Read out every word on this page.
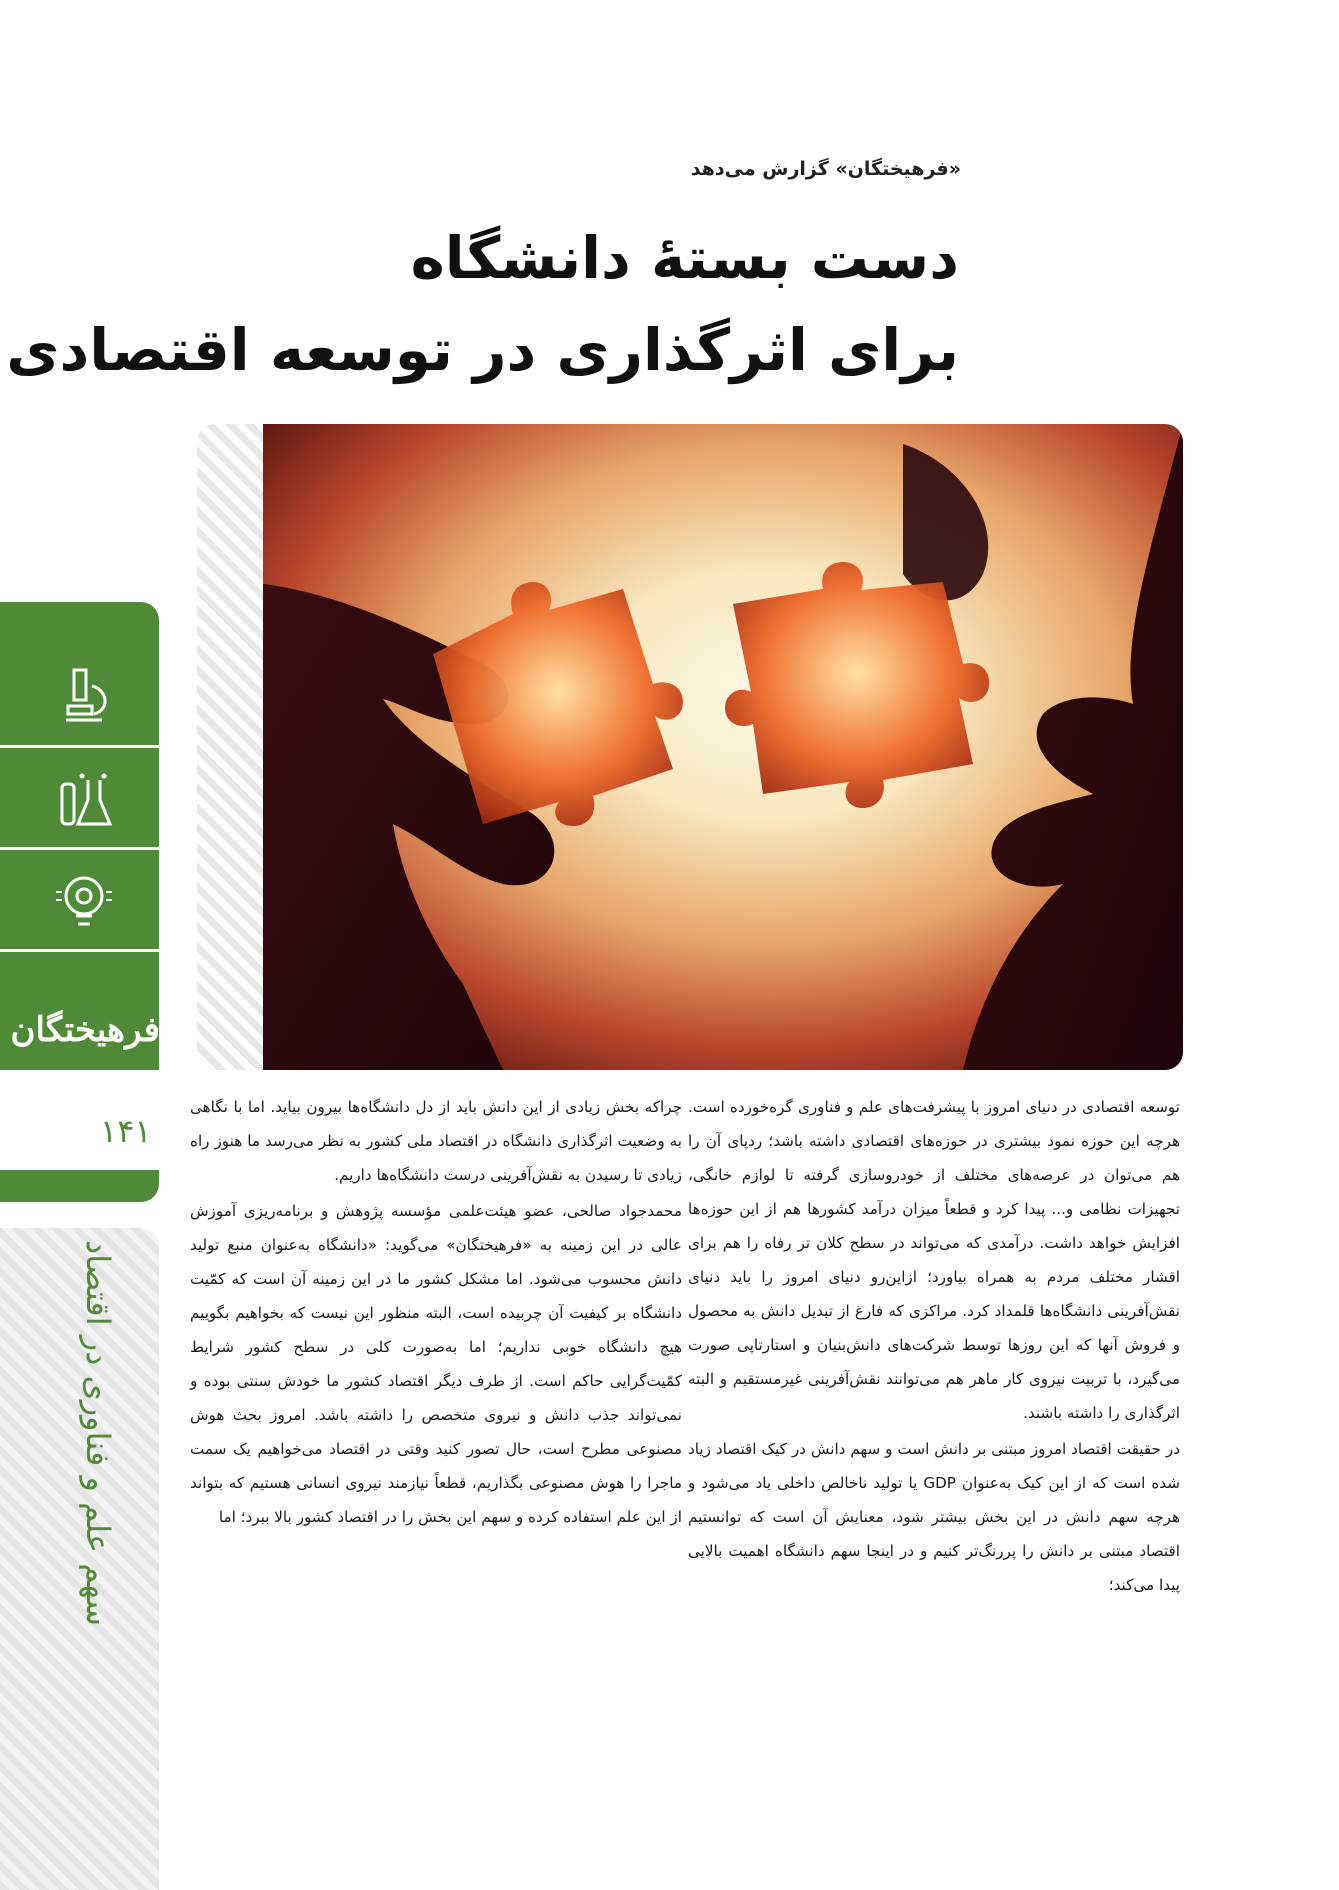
«فرهیختگان» گزارش می‌دهد
دست بستۀ دانشگاه
برای اثرگذاری در توسعه اقتصادی
فرهیختگان
۱۴۱
سهم علم و فناوری در اقتصاد

توسعه اقتصادی در دنیای امروز با پیشرفت‌های علم و فناوری گره‌خورده است. هرچه این حوزه نمود بیشتری در حوزه‌های اقتصادی داشته باشد؛ ردپای آن را هم می‌توان در عرصه‌های مختلف از خودروسازی گرفته تا لوازم خانگی، تجهیزات نظامی و... پیدا کرد و قطعاً میزان درآمد کشورها هم از این حوزه‌ها افزایش خواهد داشت. درآمدی که می‌تواند در سطح کلان تر رفاه را هم برای اقشار مختلف مردم به همراه بیاورد؛ ازاین‌رو دنیای امروز را باید دنیای نقش‌آفرینی دانشگاه‌ها قلمداد کرد. مراکزی که فارغ از تبدیل دانش به محصول و فروش آنها که این روزها توسط شرکت‌های دانش‌بنیان و استارتاپی صورت می‌گیرد، با تربیت نیروی کار ماهر هم می‌توانند نقش‌آفرینی غیرمستقیم و البته اثرگذاری را داشته باشند.

در حقیقت اقتصاد امروز مبتنی بر دانش است و سهم دانش در کیک اقتصاد زیاد شده است که از این کیک به‌عنوان GDP یا تولید ناخالص داخلی یاد می‌شود و هرچه سهم دانش در این بخش بیشتر شود، معنایش آن است که توانستیم اقتصاد مبتنی بر دانش را پررنگ‌تر کنیم و در اینجا سهم دانشگاه اهمیت بالایی پیدا می‌کند؛

چراکه بخش زیادی از این دانش باید از دل دانشگاه‌ها بیرون بیاید. اما با نگاهی به وضعیت اثرگذاری دانشگاه در اقتصاد ملی کشور به نظر می‌رسد ما هنوز راه زیادی تا رسیدن به نقش‌آفرینی درست دانشگاه‌ها داریم.

محمدجواد صالحی، عضو هیئت‌علمی مؤسسه پژوهش و برنامه‌ریزی آموزش عالی در این زمینه به «فرهیختگان» می‌گوید: «دانشگاه به‌عنوان منبع تولید دانش محسوب می‌شود. اما مشکل کشور ما در این زمینه آن است که کمّیت دانشگاه بر کیفیت آن چربیده است، البته منظور این نیست که بخواهیم بگوییم هیچ دانشگاه خوبی نداریم؛ اما به‌صورت کلی در سطح کشور شرایط کمّیت‌گرایی حاکم است. از طرف دیگر اقتصاد کشور ما خودش سنتی بوده و نمی‌تواند جذب دانش و نیروی متخصص را داشته باشد. امروز بحث هوش مصنوعی مطرح است، حال تصور کنید وقتی در اقتصاد می‌خواهیم یک سمت ماجرا را هوش مصنوعی بگذاریم، قطعاً نیازمند نیروی انسانی هستیم که بتواند از این علم استفاده کرده و سهم این بخش را در اقتصاد کشور بالا ببرد؛ اما
